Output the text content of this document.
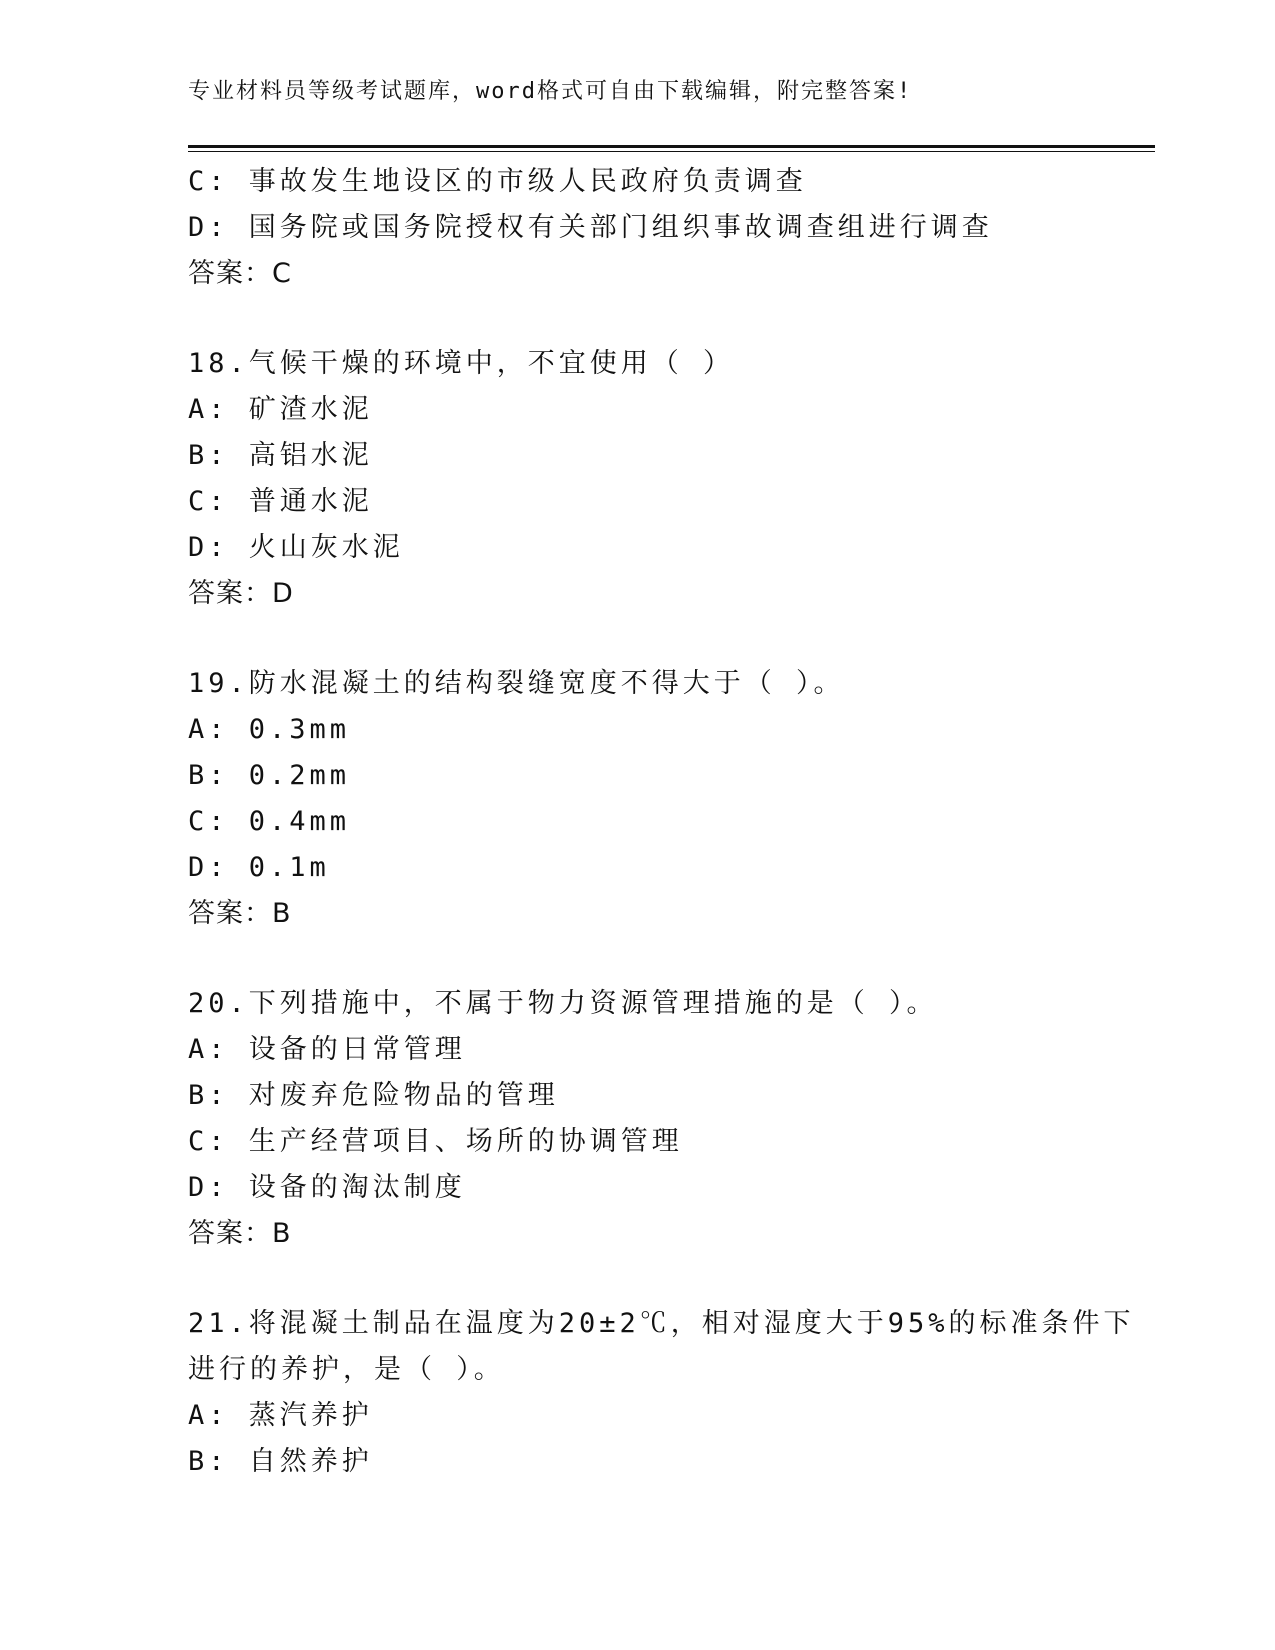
专业材料员等级考试题库，word格式可自由下载编辑，附完整答案!
C: 事故发生地设区的市级人民政府负责调查
D: 国务院或国务院授权有关部门组织事故调查组进行调查
答案：C
18.气候干燥的环境中，不宜使用（ ）
A: 矿渣水泥
B: 高铝水泥
C: 普通水泥
D: 火山灰水泥
答案：D
19.防水混凝土的结构裂缝宽度不得大于（ ）。
A: 0.3mm
B: 0.2mm
C: 0.4mm
D: 0.1m
答案：B
20.下列措施中，不属于物力资源管理措施的是（ ）。
A: 设备的日常管理
B: 对废弃危险物品的管理
C: 生产经营项目、场所的协调管理
D: 设备的淘汰制度
答案：B
21.将混凝土制品在温度为20±2℃，相对湿度大于95%的标准条件下
进行的养护，是（ ）。
A: 蒸汽养护
B: 自然养护
